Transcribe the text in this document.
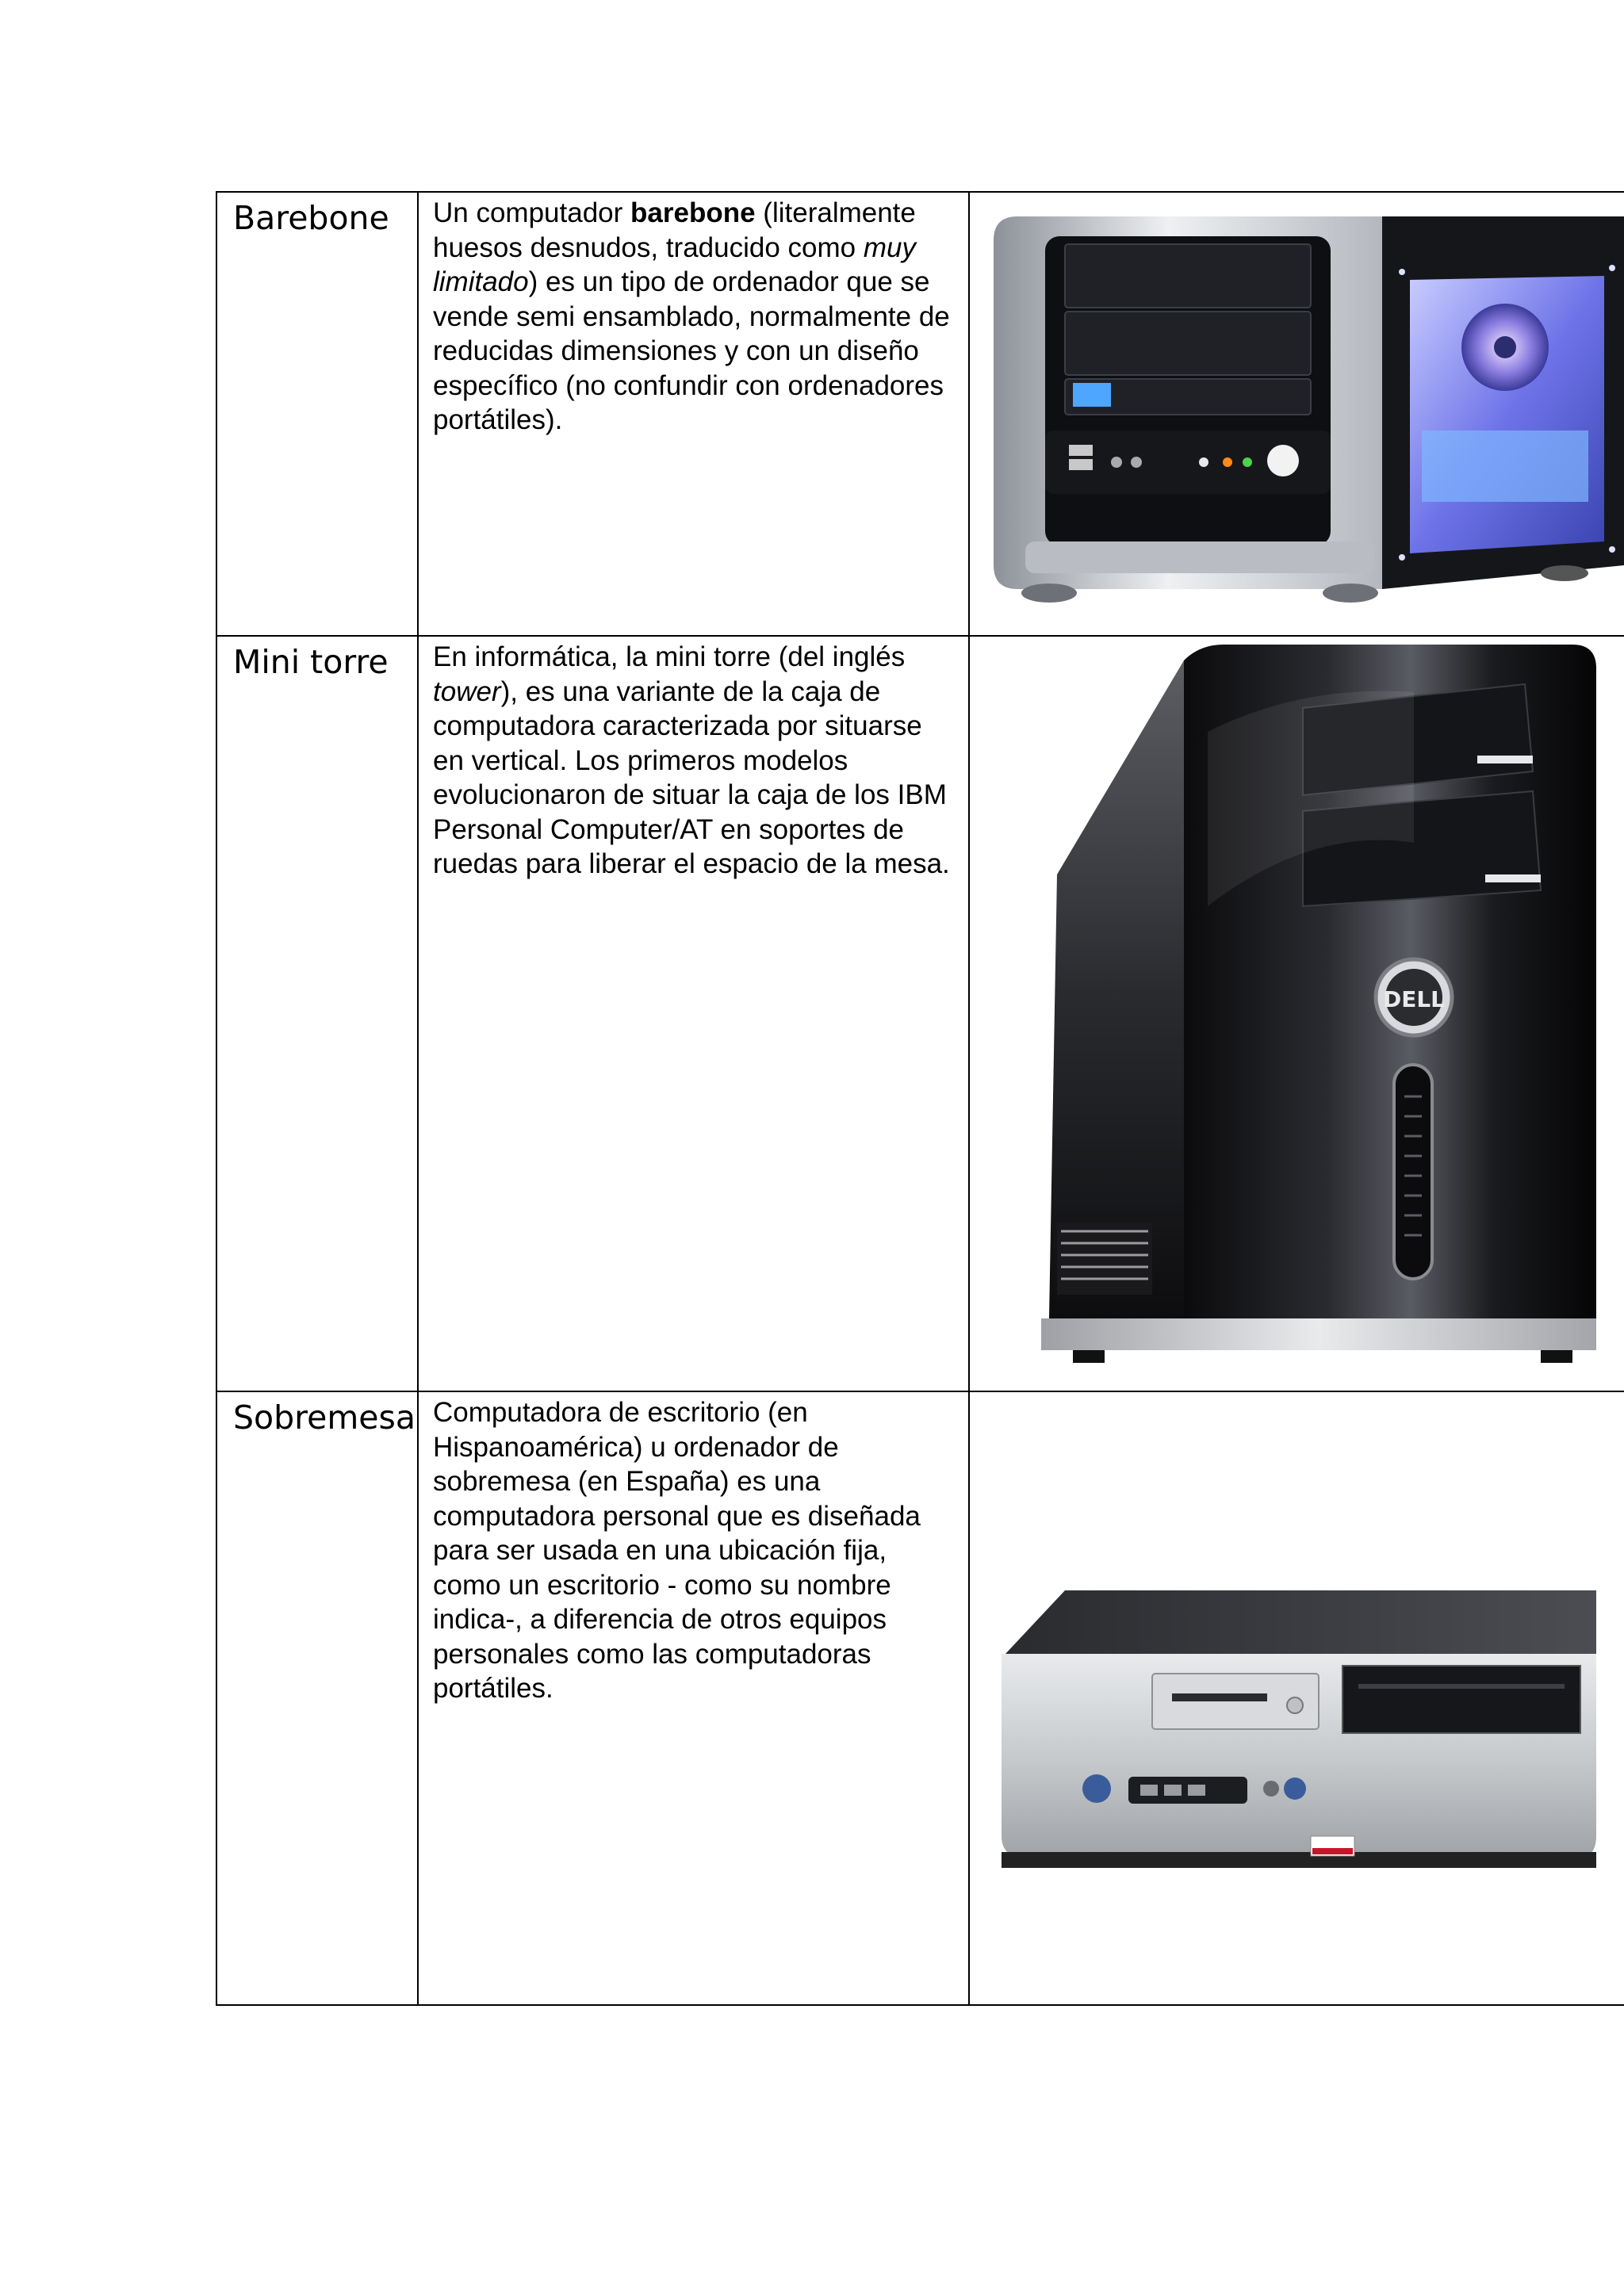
Barebone	Un computador barebone (literalmente huesos desnudos, traducido como muy limitado) es un tipo de ordenador que se vende semi ensamblado, normalmente de reducidas dimensiones y con un diseño específico (no confundir con ordenadores portátiles).

Mini torre	En informática, la mini torre (del inglés tower), es una variante de la caja de computadora caracterizada por situarse en vertical. Los primeros modelos evolucionaron de situar la caja de los IBM Personal Computer/AT en soportes de ruedas para liberar el espacio de la mesa.	DELL

Sobremesa	Computadora de escritorio (en Hispanoamérica) u ordenador de sobremesa (en España) es una computadora personal que es diseñada para ser usada en una ubicación fija, como un escritorio - como su nombre indica-, a diferencia de otros equipos personales como las computadoras portátiles.
